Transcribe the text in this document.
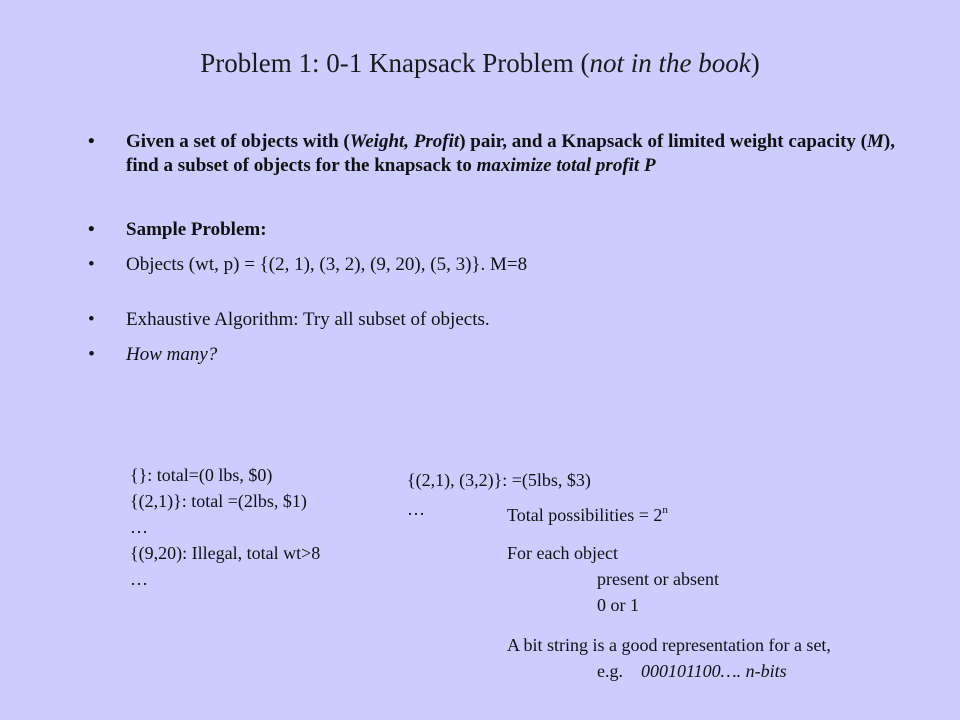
Problem 1: 0-1 Knapsack Problem (not in the book)
• Given a set of objects with (Weight, Profit) pair, and a Knapsack of limited weight capacity (M), find a subset of objects for the knapsack to maximize total profit P
• Sample Problem:
• Objects (wt, p) = {(2, 1), (3, 2), (9, 20), (5, 3)}. M=8
• Exhaustive Algorithm: Try all subset of objects.
• How many?
{}: total=(0 lbs, $0)
{(2,1)}: total =(2lbs, $1)
…
{(9,20): Illegal, total wt>8
…
{(2,1), (3,2)}: =(5lbs, $3)
…	Total possibilities = $2^n$
For each object
present or absent
0 or 1
A bit string is a good representation for a set,
e.g.    000101100…. n-bits
